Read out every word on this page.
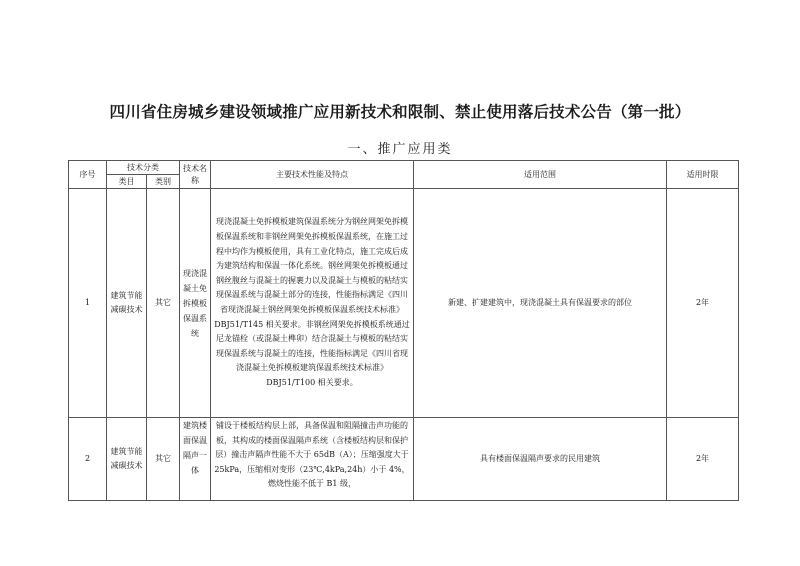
四川省住房城乡建设领域推广应用新技术和限制、禁止使用落后技术公告（第一批）
一、推广应用类
序号	技术分类		技术名称	主要技术性能及特点	适用范围	适用时限
	类目	类别				
1	建筑节能减碳技术	其它	现浇混凝土免拆模板保温系统	现浇混凝土免拆模板建筑保温系统分为钢丝网架免拆模板保温系统和非钢丝网架免拆模板保温系统，在施工过程中均作为模板使用，具有工业化特点，施工完成后成为建筑结构和保温一体化系统。钢丝网架免拆模板通过钢丝腹丝与混凝土的握裹力以及混凝土与模板的粘结实现保温系统与混凝土部分的连接，性能指标满足《四川省现浇混凝土钢丝网架免拆模板保温系统技术标准》DBJ51/T145 相关要求。非钢丝网架免拆模板系统通过尼龙锚栓（或混凝土榫卯）结合混凝土与模板的粘结实现保温系统与混凝土的连接，性能指标满足《四川省现浇混凝土免拆模板建筑保温系统技术标准》DBJ51/T100 相关要求。	新建、扩建建筑中，现浇混凝土具有保温要求的部位	2年
2	建筑节能减碳技术	其它	建筑楼面保温隔声一体	铺设于楼板结构层上部，具备保温和阻隔撞击声功能的板，其构成的楼面保温隔声系统（含楼板结构层和保护层）撞击声隔声性能不大于 65dB（A）；压缩强度大于 25kPa，压缩相对变形（23℃,4kPa,24h）小于 4%，燃烧性能不低于 B1 级，	具有楼面保温隔声要求的民用建筑	2年
